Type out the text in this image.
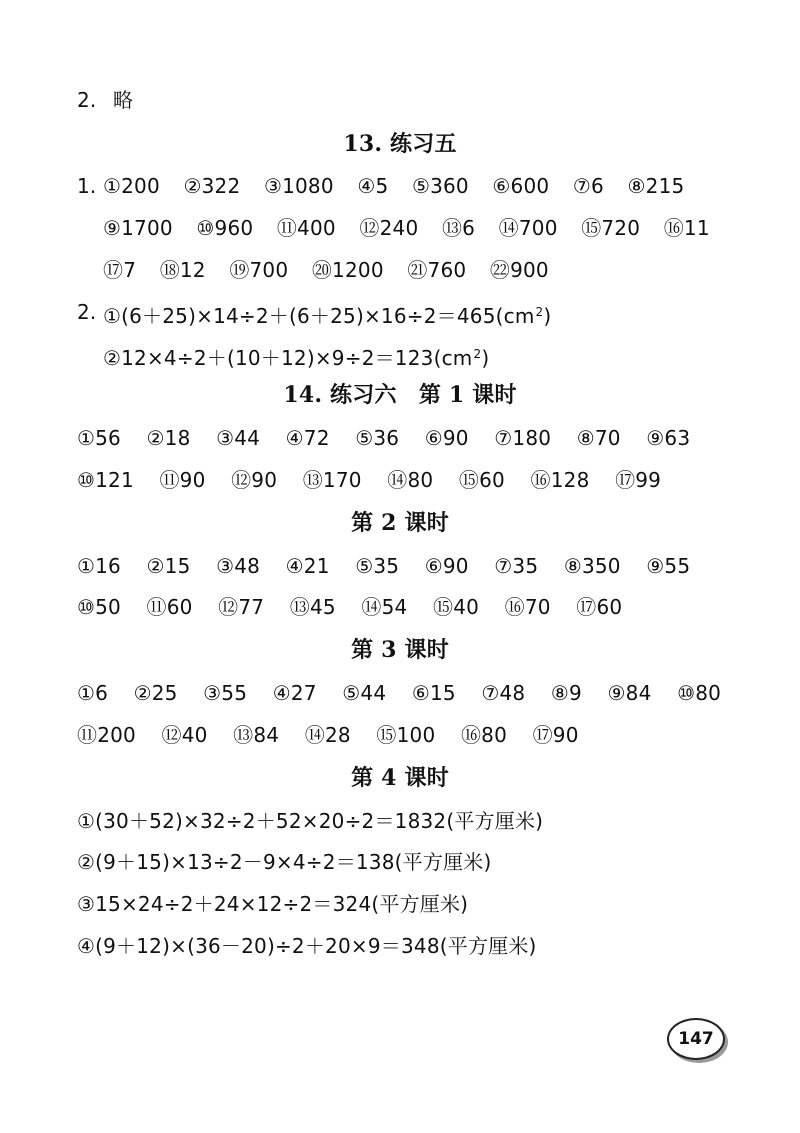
2. 略
13. 练习五
1. ①200 ②322 ③1080 ④5 ⑤360 ⑥600 ⑦6 ⑧215
⑨1700 ⑩960 ⑪400 ⑫240 ⑬6 ⑭700 ⑮720 ⑯11
⑰7 ⑱12 ⑲700 ⑳1200 ㉑760 ㉒900
2. $①(6+25)\times 14\div 2+(6+25)\times 16\div 2=465(cm^2)$
$②12\times 4\div 2+(10+12)\times 9\div 2=123(cm^2)$
14. 练习六　第 1 课时
①56 ②18 ③44 ④72 ⑤36 ⑥90 ⑦180 ⑧70 ⑨63
⑩121 ⑪90 ⑫90 ⑬170 ⑭80 ⑮60 ⑯128 ⑰99
第 2 课时
①16 ②15 ③48 ④21 ⑤35 ⑥90 ⑦35 ⑧350 ⑨55
⑩50 ⑪60 ⑫77 ⑬45 ⑭54 ⑮40 ⑯70 ⑰60
第 3 课时
①6 ②25 ③55 ④27 ⑤44 ⑥15 ⑦48 ⑧9 ⑨84 ⑩80
⑪200 ⑫40 ⑬84 ⑭28 ⑮100 ⑯80 ⑰90
第 4 课时
①(30＋52)×32÷2＋52×20÷2＝1832(平方厘米)
②(9＋15)×13÷2－9×4÷2＝138(平方厘米)
③15×24÷2＋24×12÷2＝324(平方厘米)
④(9＋12)×(36－20)÷2＋20×9＝348(平方厘米)
147
